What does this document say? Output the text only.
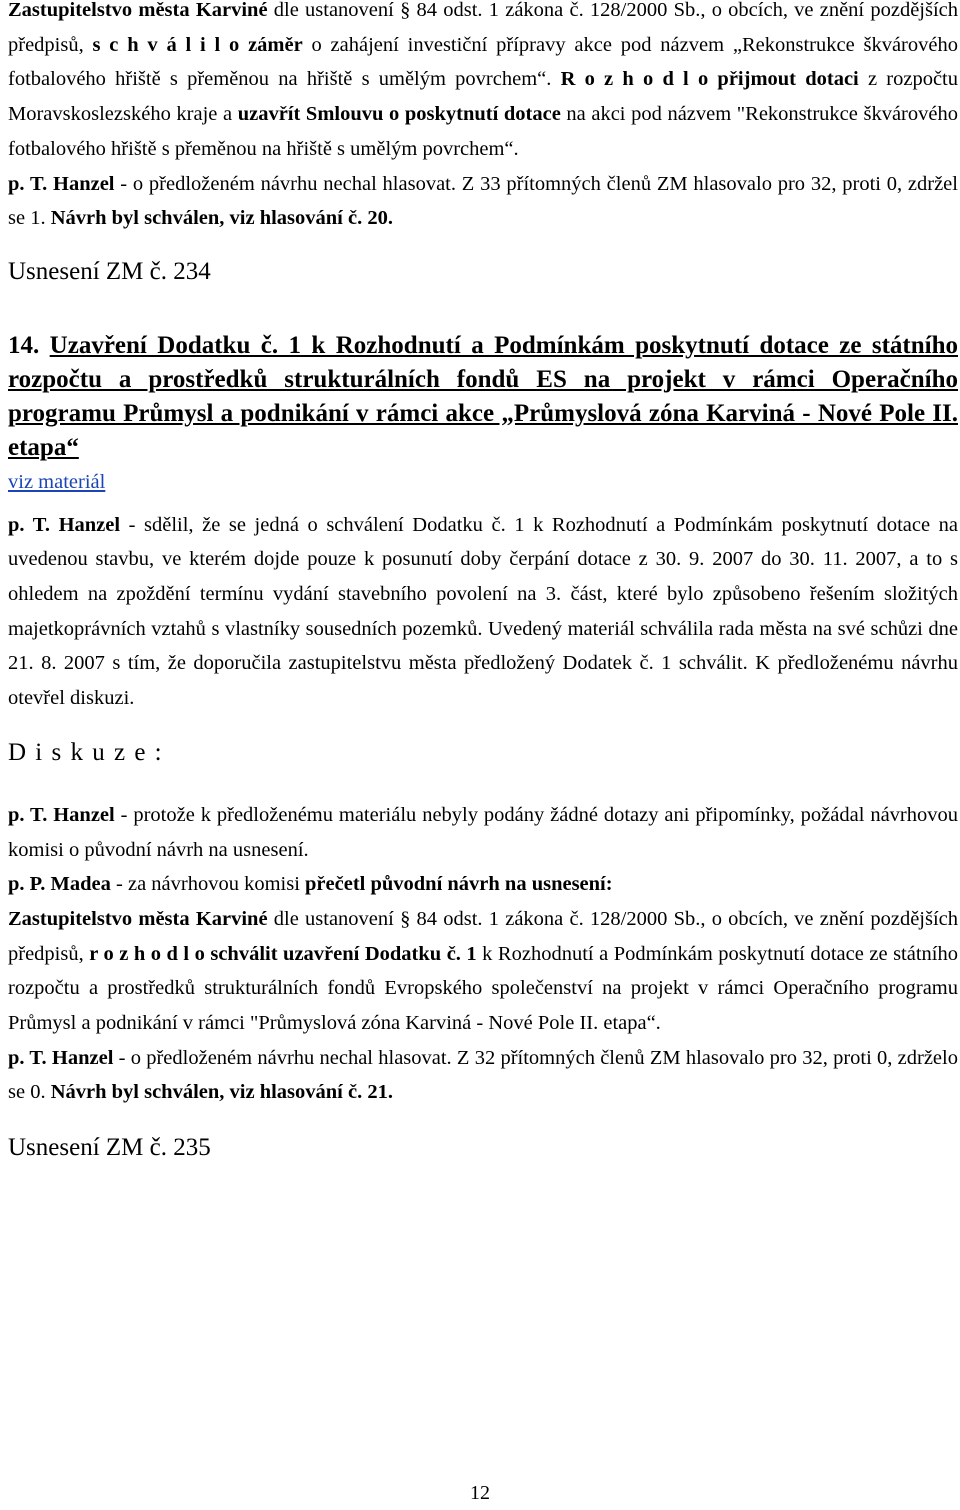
Zastupitelstvo města Karviné dle ustanovení § 84 odst. 1 zákona č. 128/2000 Sb., o obcích, ve znění pozdějších předpisů, s c h v á l i l o záměr o zahájení investiční přípravy akce pod názvem „Rekonstrukce škvárového fotbalového hřiště s přeměnou na hřiště s umělým povrchem“. R o z h o d l o přijmout dotaci z rozpočtu Moravskoslezského kraje a uzavřít Smlouvu o poskytnutí dotace na akci pod názvem "Rekonstrukce škvárového fotbalového hřiště s přeměnou na hřiště s umělým povrchem“.

p. T. Hanzel - o předloženém návrhu nechal hlasovat. Z 33 přítomných členů ZM hlasovalo pro 32, proti 0, zdržel se 1. Návrh byl schválen, viz hlasování č. 20.

Usnesení ZM č. 234

14. Uzavření Dodatku č. 1 k Rozhodnutí a Podmínkám poskytnutí dotace ze státního rozpočtu a prostředků strukturálních fondů ES na projekt v rámci Operačního programu Průmysl a podnikání v rámci akce „Průmyslová zóna Karviná - Nové Pole II. etapa“

viz materiál

p. T. Hanzel - sdělil, že se jedná o schválení Dodatku č. 1 k Rozhodnutí a Podmínkám poskytnutí dotace na uvedenou stavbu, ve kterém dojde pouze k posunutí doby čerpání dotace z 30. 9. 2007 do 30. 11. 2007, a to s ohledem na zpoždění termínu vydání stavebního povolení na 3. část, které bylo způsobeno řešením složitých majetkoprávních vztahů s vlastníky sousedních pozemků. Uvedený materiál schválila rada města na své schůzi dne 21. 8. 2007 s tím, že doporučila zastupitelstvu města předložený Dodatek č. 1 schválit. K předloženému návrhu otevřel diskuzi.

D i s k u z e :

p. T. Hanzel - protože k předloženému materiálu nebyly podány žádné dotazy ani připomínky, požádal návrhovou komisi o původní návrh na usnesení.

p. P. Madea - za návrhovou komisi přečetl původní návrh na usnesení:

Zastupitelstvo města Karviné dle ustanovení § 84 odst. 1 zákona č. 128/2000 Sb., o obcích, ve znění pozdějších předpisů, r o z h o d l o schválit uzavření Dodatku č. 1 k Rozhodnutí a Podmínkám poskytnutí dotace ze státního rozpočtu a prostředků strukturálních fondů Evropského společenství na projekt v rámci Operačního programu Průmysl a podnikání v rámci "Průmyslová zóna Karviná - Nové Pole II. etapa“.

p. T. Hanzel - o předloženém návrhu nechal hlasovat. Z 32 přítomných členů ZM hlasovalo pro 32, proti 0, zdrželo se 0. Návrh byl schválen, viz hlasování č. 21.

Usnesení ZM č. 235

12
